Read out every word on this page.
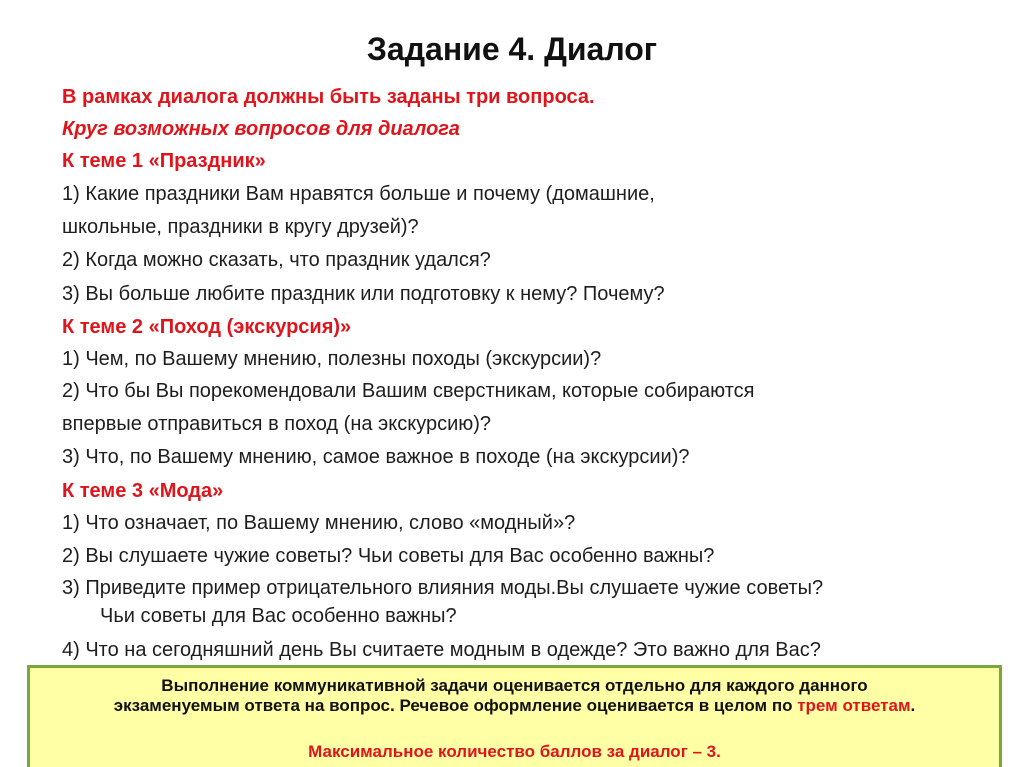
Задание 4. Диалог
В рамках диалога должны быть заданы три вопроса.
Круг возможных вопросов для диалога
К теме 1 «Праздник»
1) Какие праздники Вам нравятся больше и почему (домашние,
школьные, праздники в кругу друзей)?
2) Когда можно сказать, что праздник удался?
3) Вы больше любите праздник или подготовку к нему? Почему?
К теме 2 «Поход (экскурсия)»
1) Чем, по Вашему мнению, полезны походы (экскурсии)?
2) Что бы Вы порекомендовали Вашим сверстникам, которые собираются
впервые отправиться в поход (на экскурсию)?
3) Что, по Вашему мнению, самое важное в походе (на экскурсии)?
К теме 3 «Мода»
1) Что означает, по Вашему мнению, слово «модный»?
2) Вы слушаете чужие советы? Чьи советы для Вас особенно важны?
3) Приведите пример отрицательного влияния моды.Вы слушаете чужие советы?
Чьи советы для Вас особенно важны?
4) Что на сегодняшний день Вы считаете модным в одежде? Это важно для Вас?
Выполнение коммуникативной задачи оценивается отдельно для каждого данного
экзаменуемым ответа на вопрос. Речевое оформление оценивается в целом по трем ответам.
Максимальное количество баллов за диалог – 3.
